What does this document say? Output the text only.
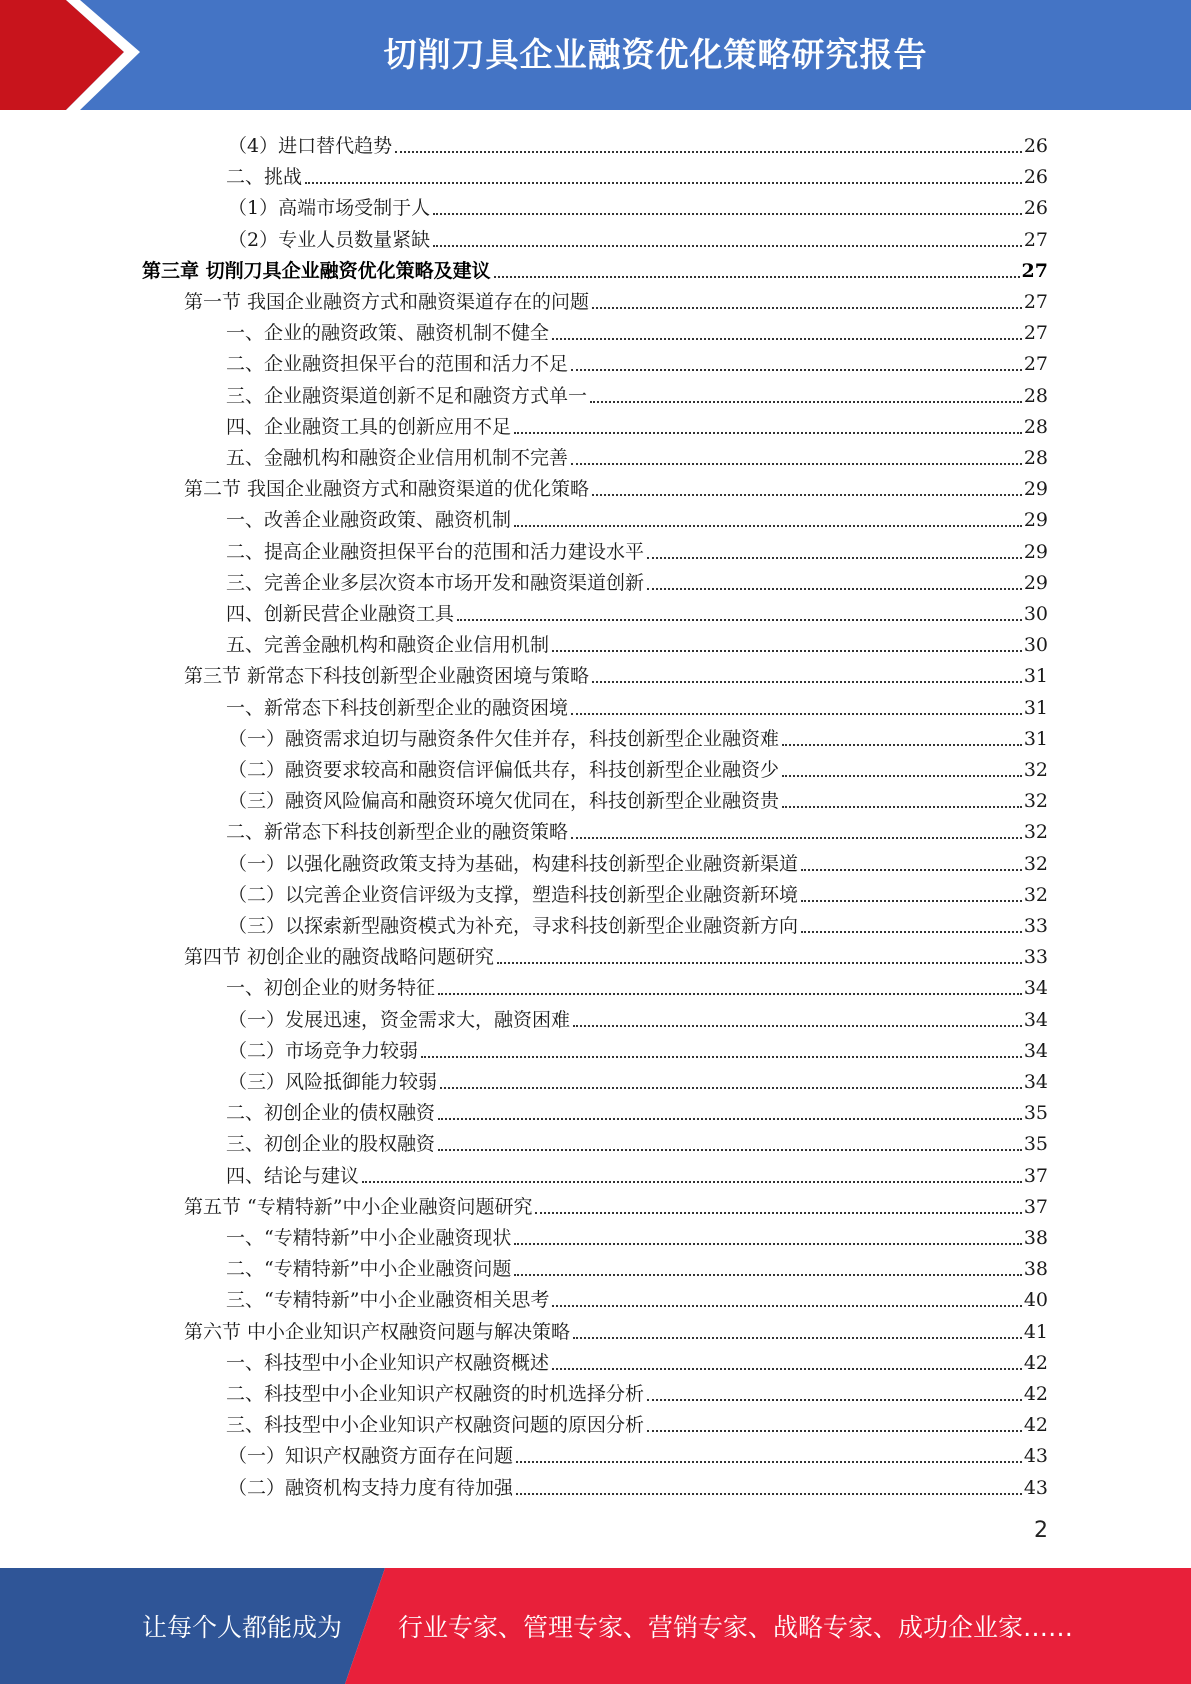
切削刀具企业融资优化策略研究报告
（4）进口替代趋势	26
二、挑战	26
（1）高端市场受制于人	26
（2）专业人员数量紧缺	27
第三章 切削刀具企业融资优化策略及建议	27
第一节 我国企业融资方式和融资渠道存在的问题	27
一、企业的融资政策、融资机制不健全	27
二、企业融资担保平台的范围和活力不足	27
三、企业融资渠道创新不足和融资方式单一	28
四、企业融资工具的创新应用不足	28
五、金融机构和融资企业信用机制不完善	28
第二节 我国企业融资方式和融资渠道的优化策略	29
一、改善企业融资政策、融资机制	29
二、提高企业融资担保平台的范围和活力建设水平	29
三、完善企业多层次资本市场开发和融资渠道创新	29
四、创新民营企业融资工具	30
五、完善金融机构和融资企业信用机制	30
第三节 新常态下科技创新型企业融资困境与策略	31
一、新常态下科技创新型企业的融资困境	31
（一）融资需求迫切与融资条件欠佳并存，科技创新型企业融资难	31
（二）融资要求较高和融资信评偏低共存，科技创新型企业融资少	32
（三）融资风险偏高和融资环境欠优同在，科技创新型企业融资贵	32
二、新常态下科技创新型企业的融资策略	32
（一）以强化融资政策支持为基础，构建科技创新型企业融资新渠道	32
（二）以完善企业资信评级为支撑，塑造科技创新型企业融资新环境	32
（三）以探索新型融资模式为补充，寻求科技创新型企业融资新方向	33
第四节 初创企业的融资战略问题研究	33
一、初创企业的财务特征	34
（一）发展迅速，资金需求大，融资困难	34
（二）市场竞争力较弱	34
（三）风险抵御能力较弱	34
二、初创企业的债权融资	35
三、初创企业的股权融资	35
四、结论与建议	37
第五节 “专精特新”中小企业融资问题研究	37
一、“专精特新”中小企业融资现状	38
二、“专精特新”中小企业融资问题	38
三、“专精特新”中小企业融资相关思考	40
第六节 中小企业知识产权融资问题与解决策略	41
一、科技型中小企业知识产权融资概述	42
二、科技型中小企业知识产权融资的时机选择分析	42
三、科技型中小企业知识产权融资问题的原因分析	42
（一）知识产权融资方面存在问题	43
（二）融资机构支持力度有待加强	43
2
让每个人都能成为 行业专家、管理专家、营销专家、战略专家、成功企业家……
